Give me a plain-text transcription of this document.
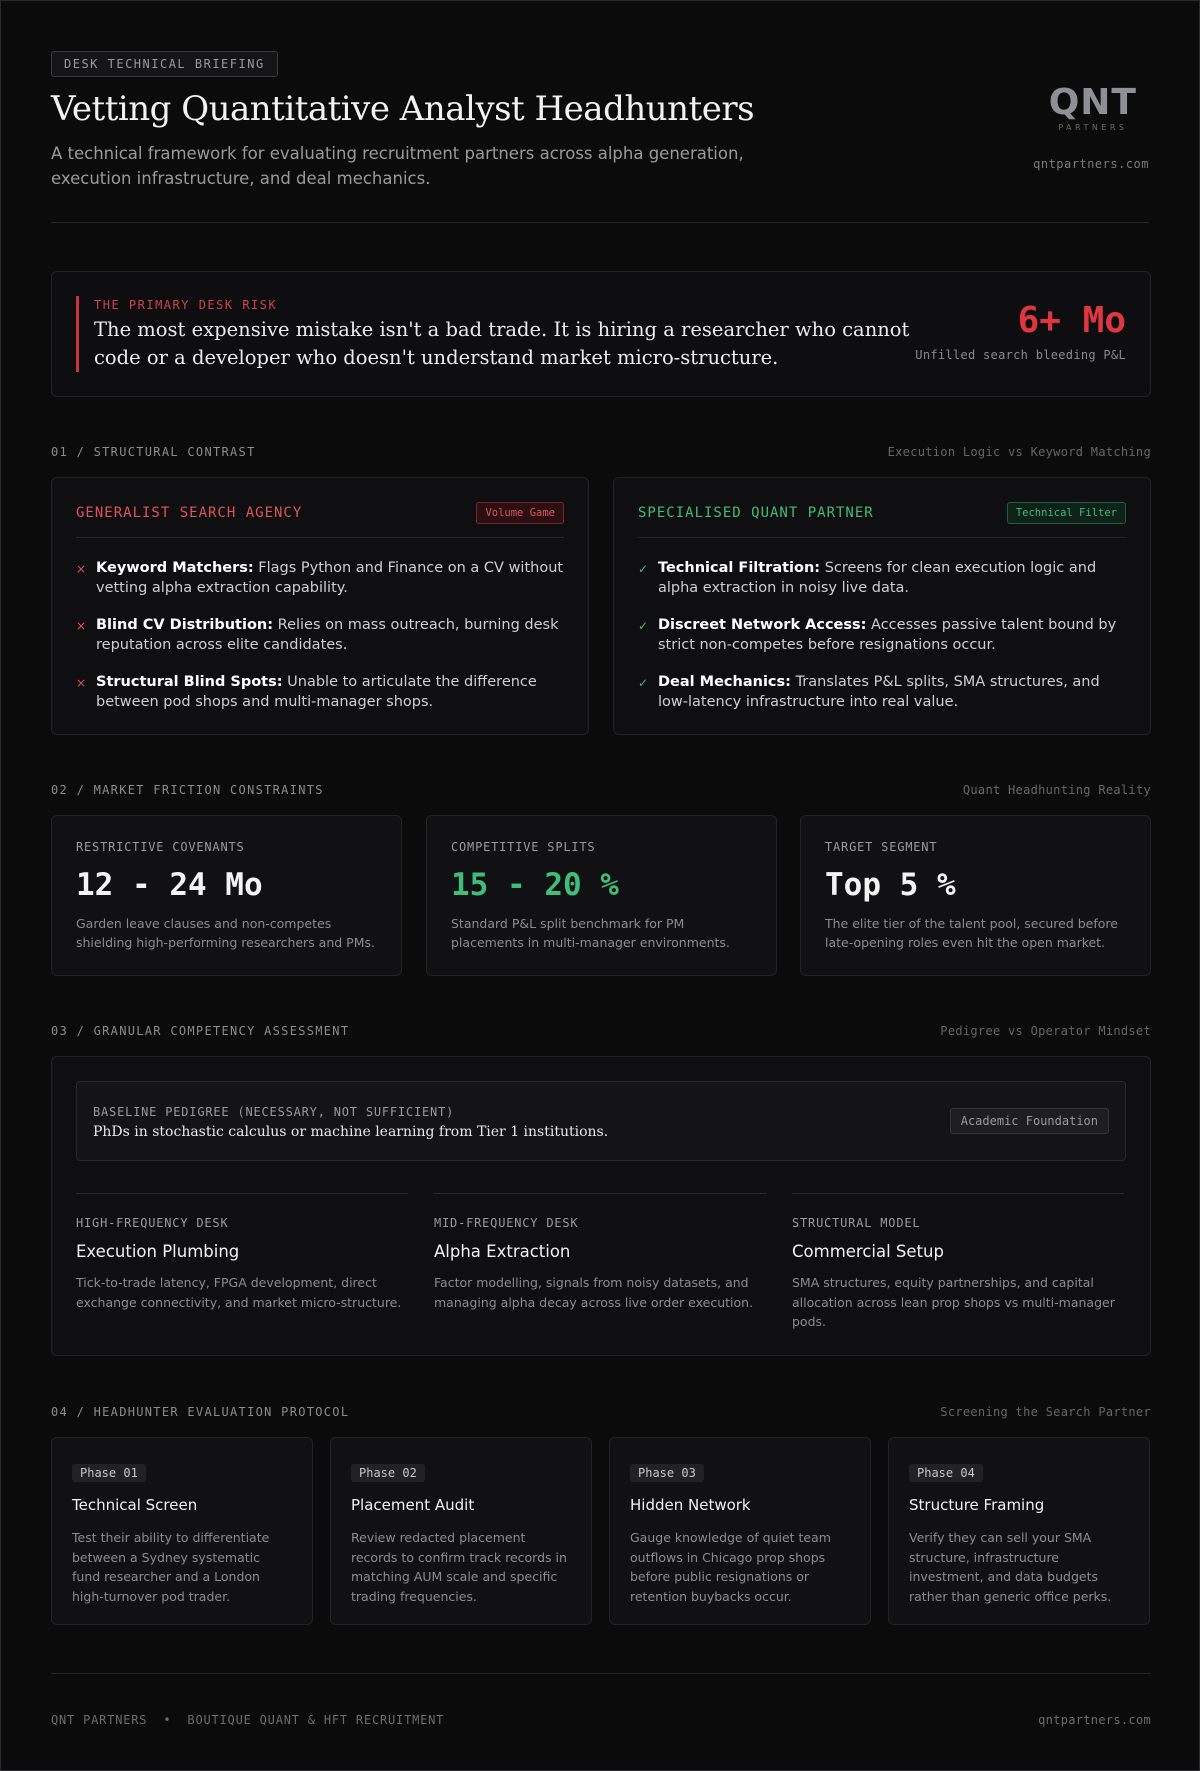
DESK TECHNICAL BRIEFING
Vetting Quantitative Analyst Headhunters

A technical framework for evaluating recruitment partners across alpha generation, execution infrastructure, and deal mechanics.

QNT
PARTNERS
qntpartners.com
THE PRIMARY DESK RISK
The most expensive mistake isn't a bad trade. It is hiring a researcher who cannot code or a developer who doesn't understand market micro-structure.
6+ Mo
Unfilled search bleeding P&L
01 / STRUCTURAL CONTRAST	Execution Logic vs Keyword Matching
GENERALIST SEARCH AGENCY	Volume Game
× Keyword Matchers: Flags Python and Finance on a CV without vetting alpha extraction capability.
× Blind CV Distribution: Relies on mass outreach, burning desk reputation across elite candidates.
× Structural Blind Spots: Unable to articulate the difference between pod shops and multi-manager shops.
SPECIALISED QUANT PARTNER	Technical Filter
✓ Technical Filtration: Screens for clean execution logic and alpha extraction in noisy live data.
✓ Discreet Network Access: Accesses passive talent bound by strict non-competes before resignations occur.
✓ Deal Mechanics: Translates P&L splits, SMA structures, and low-latency infrastructure into real value.
02 / MARKET FRICTION CONSTRAINTS	Quant Headhunting Reality
RESTRICTIVE COVENANTS
12 - 24 Mo
Garden leave clauses and non-competes shielding high-performing researchers and PMs.
COMPETITIVE SPLITS
15 - 20 %
Standard P&L split benchmark for PM placements in multi-manager environments.
TARGET SEGMENT
Top 5 %
The elite tier of the talent pool, secured before late-opening roles even hit the open market.
03 / GRANULAR COMPETENCY ASSESSMENT	Pedigree vs Operator Mindset
BASELINE PEDIGREE (NECESSARY, NOT SUFFICIENT)
PhDs in stochastic calculus or machine learning from Tier 1 institutions.
Academic Foundation
HIGH-FREQUENCY DESK
Execution Plumbing
Tick-to-trade latency, FPGA development, direct exchange connectivity, and market micro-structure.
MID-FREQUENCY DESK
Alpha Extraction
Factor modelling, signals from noisy datasets, and managing alpha decay across live order execution.
STRUCTURAL MODEL
Commercial Setup
SMA structures, equity partnerships, and capital allocation across lean prop shops vs multi-manager pods.
04 / HEADHUNTER EVALUATION PROTOCOL	Screening the Search Partner
Phase 01
Technical Screen
Test their ability to differentiate between a Sydney systematic fund researcher and a London high-turnover pod trader.
Phase 02
Placement Audit
Review redacted placement records to confirm track records in matching AUM scale and specific trading frequencies.
Phase 03
Hidden Network
Gauge knowledge of quiet team outflows in Chicago prop shops before public resignations or retention buybacks occur.
Phase 04
Structure Framing
Verify they can sell your SMA structure, infrastructure investment, and data budgets rather than generic office perks.
QNT PARTNERS  •  BOUTIQUE QUANT & HFT RECRUITMENT	qntpartners.com
